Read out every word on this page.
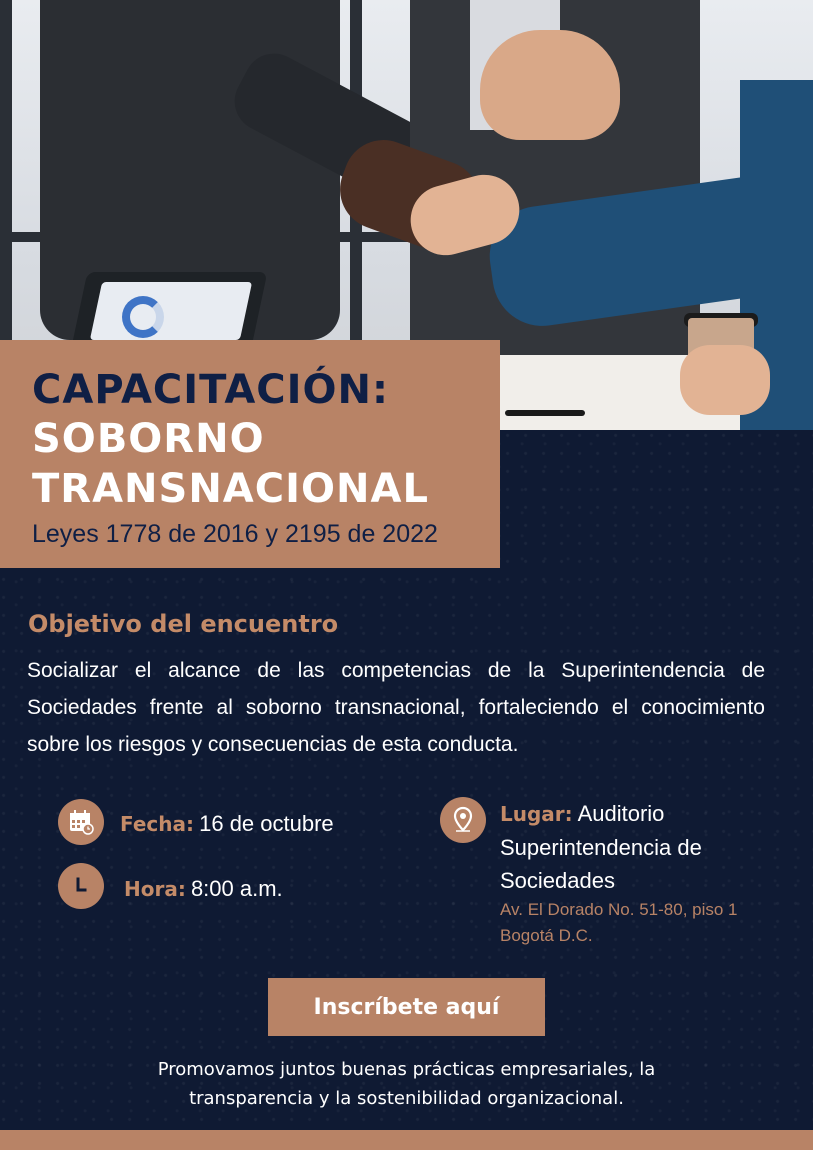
CAPACITACIÓN:
SOBORNO
TRANSNACIONAL
Leyes 1778 de 2016 y 2195 de 2022
Objetivo del encuentro
Socializar el alcance de las competencias de la Superintendencia de Sociedades frente al soborno transnacional, fortaleciendo el conocimiento sobre los riesgos y consecuencias de esta conducta.
Fecha: 16 de octubre
Hora: 8:00 a.m.
Lugar: Auditorio
Superintendencia de
Sociedades
Av. El Dorado No. 51-80, piso 1
Bogotá D.C.
Inscríbete aquí
Promovamos juntos buenas prácticas empresariales, la
transparencia y la sostenibilidad organizacional.
